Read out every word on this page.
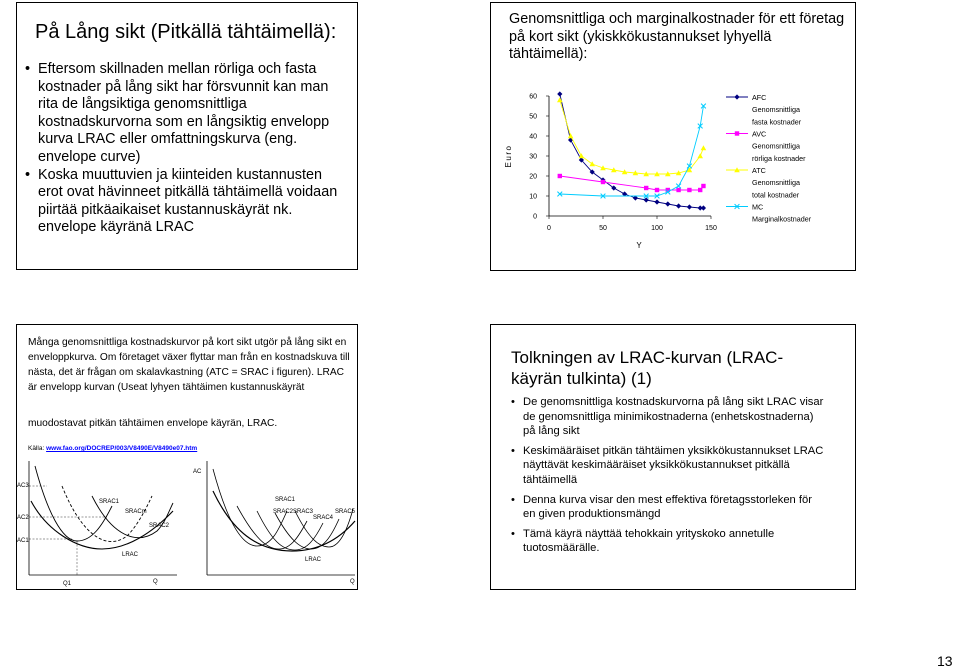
På Lång sikt (Pitkällä tähtäimellä):
• Eftersom skillnaden mellan rörliga och fasta kostnader på lång sikt har försvunnit kan man rita de långsiktiga genomsnittliga kostnadskurvorna som en långsiktig envelopp kurva LRAC eller omfattningskurva (eng. envelope curve)
• Koska muuttuvien ja kiinteiden kustannusten erot ovat hävinneet pitkällä tähtäimellä voidaan piirtää pitkäaikaiset kustannuskäyrät nk. envelope käyränä LRAC
Genomsnittliga och marginalkostnader för ett företag på kort sikt (ykiskkökustannukset lyhyellä tähtäimellä):
Euro
Y
0
10
20
30
40
50
60
0	50	100	150
AFC
Genomsnittliga
fasta kostnader
AVC
Genomsnittliga
rörliga kostnader
ATC
Genomsnittliga
total kostnader
MC
Marginalkostnader
Många genomsnittliga kostnadskurvor på kort sikt utgör på lång sikt en enveloppkurva. Om företaget växer flyttar man från en kostnadskuva till nästa, det är frågan om skalavkastning (ATC = SRAC i figuren). LRAC är envelopp kurvan (Useat lyhyen tähtäimen kustannuskäyrät
muodostavat pitkän tähtäimen envelope käyrän, LRAC.
Källa: www.fao.org/DOCREP/003/V8490E/V8490e07.htm
AC3
AC2
AC1
SRAC1
SRACm
SRAC2
LRAC
Q1	Q
AC
Q
SRAC1
SRAC2 SRAC3
SRAC4
SRAC5
LRAC
Tolkningen av LRAC-kurvan (LRAC-käyrän tulkinta) (1)
• De genomsnittliga kostnadskurvorna på lång sikt LRAC visar de genomsnittliga minimikostnaderna (enhetskostnaderna) på lång sikt
• Keskimääräiset pitkän tähtäimen yksikkökustannukset LRAC näyttävät keskimääräiset yksikkökustannukset pitkällä tähtäimellä
• Denna kurva visar den mest effektiva företagsstorleken för en given produktionsmängd
• Tämä käyrä näyttää tehokkain yrityskoko annetulle tuotosmäärälle.
13
